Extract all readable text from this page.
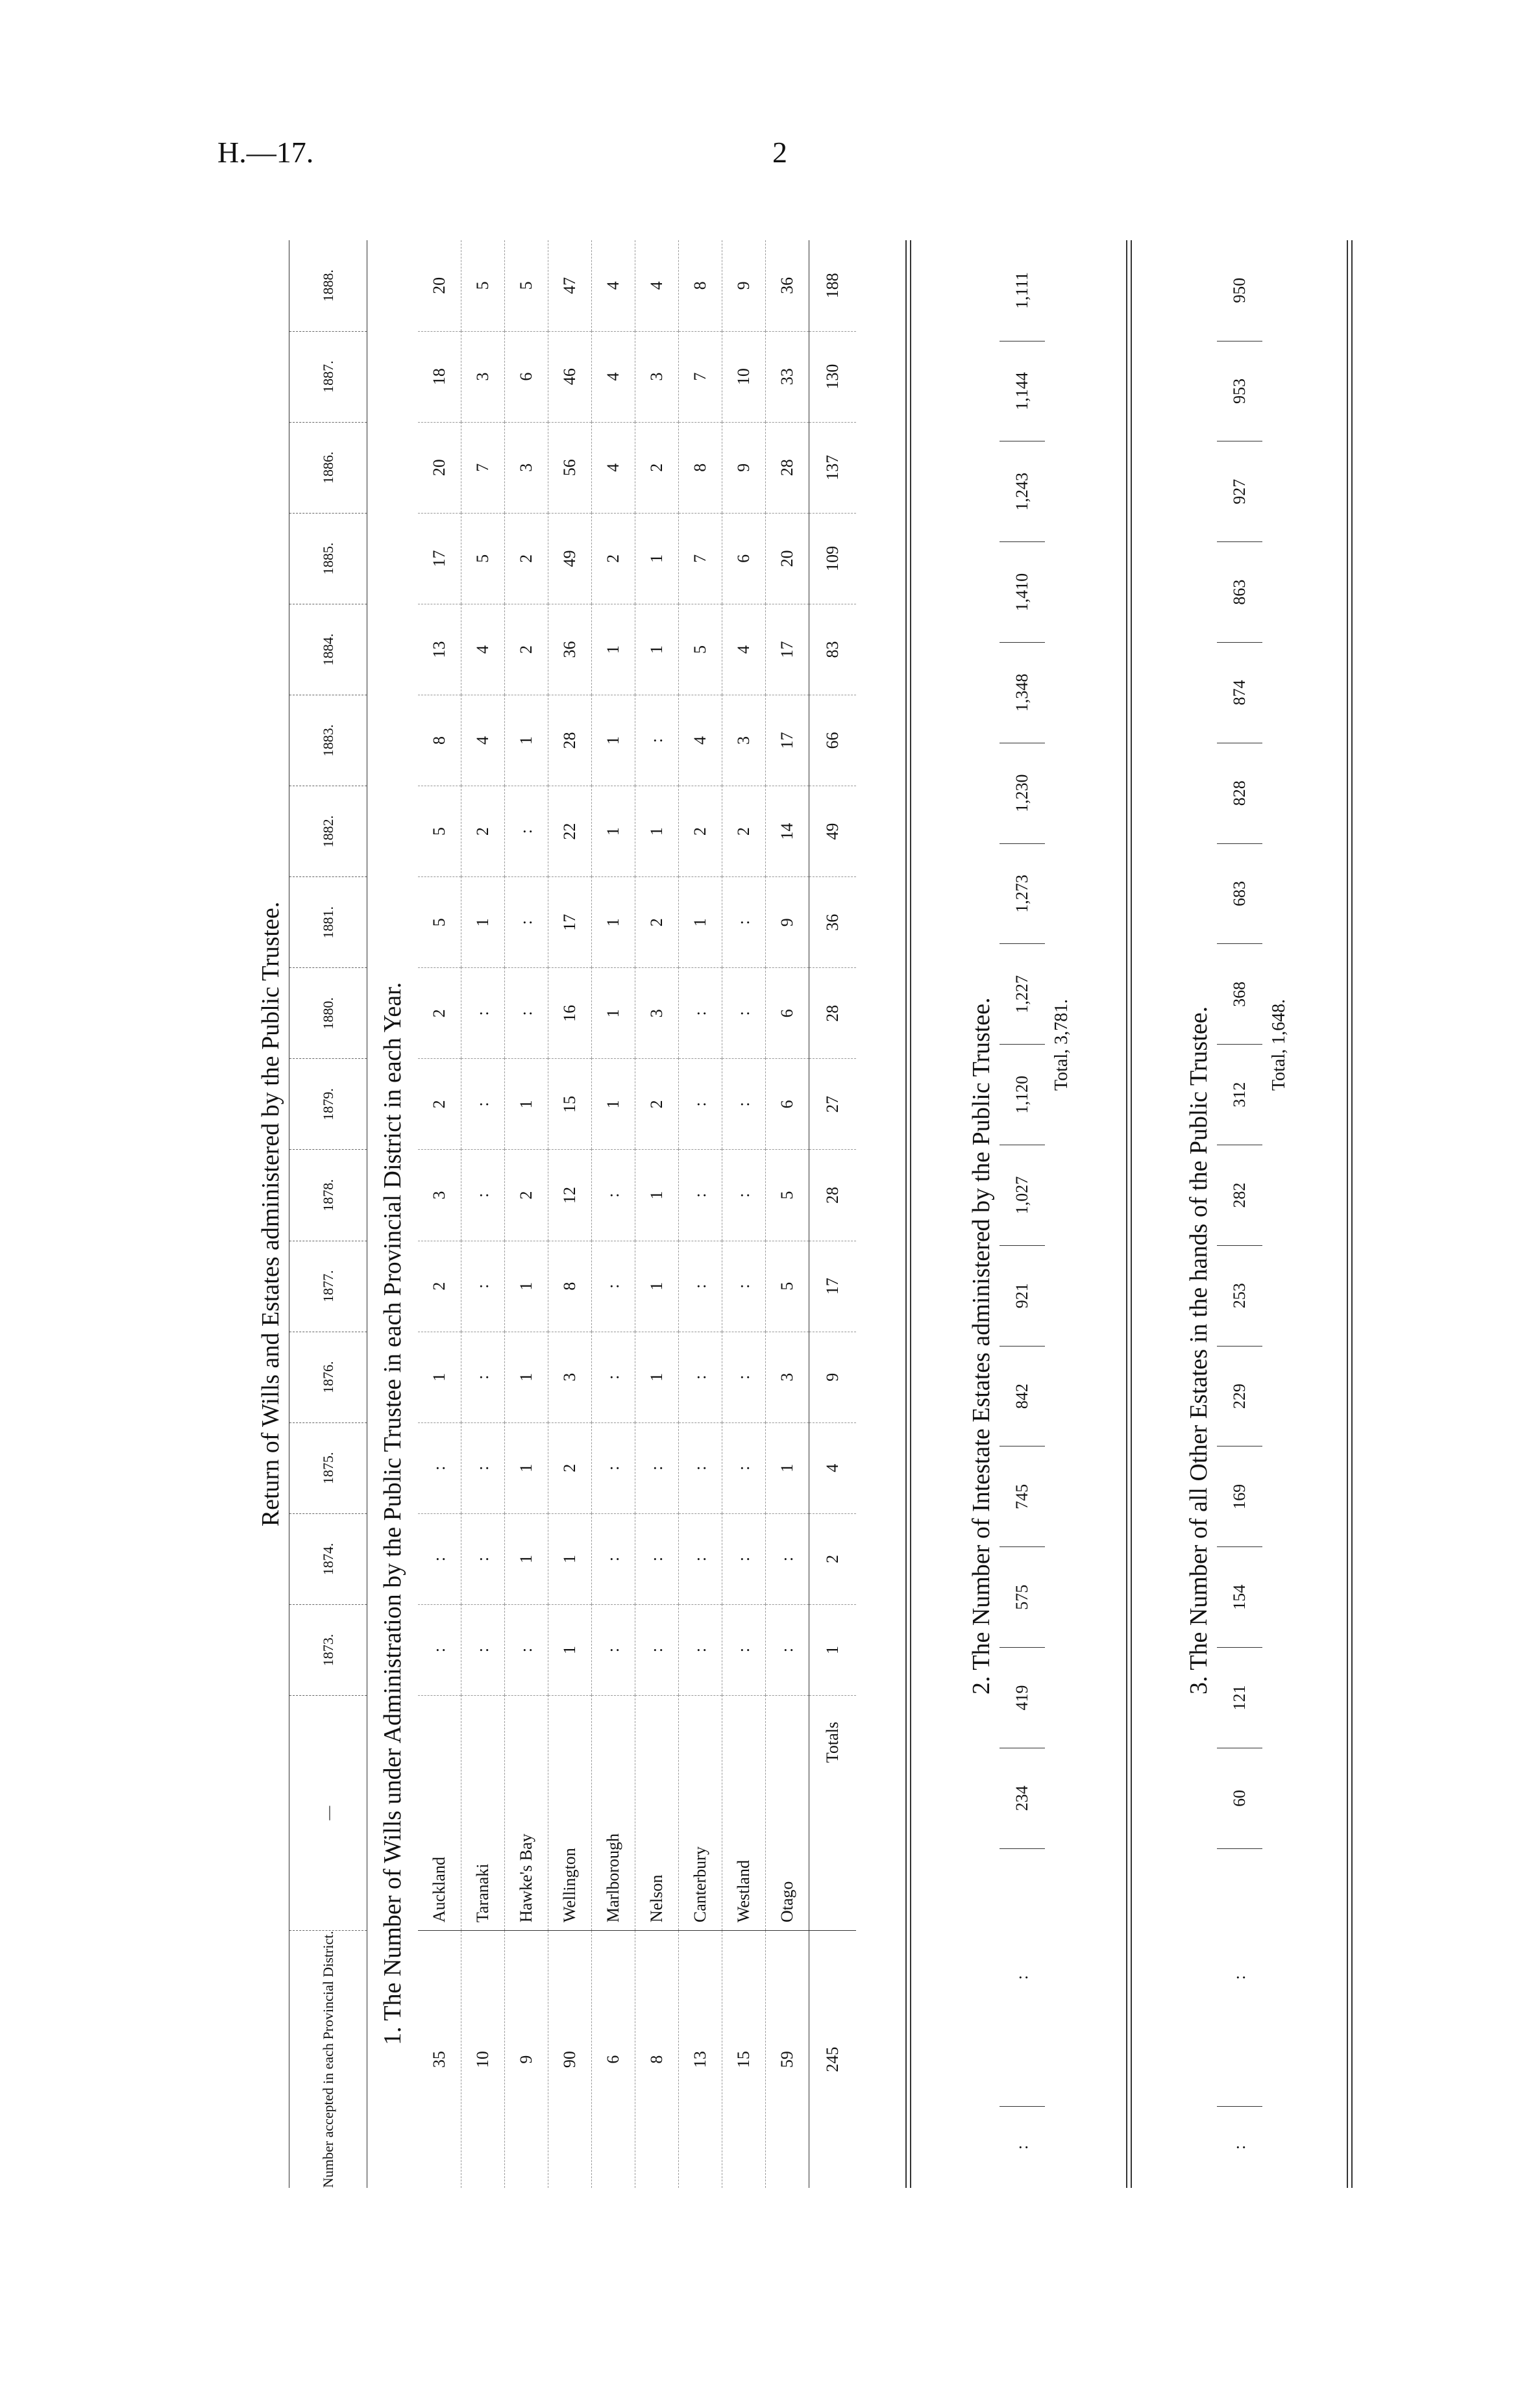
H.—17.	2
Return of Wills and Estates administered by the Public Trustee.
Number accepted in each Provincial District.	—	1873.	1874.	1875.	1876.	1877.	1878.	1879.	1880.	1881.	1882.	1883.	1884.	1885.	1886.	1887.	1888.
1. The Number of Wills under Administration by the Public Trustee in each Provincial District in each Year.																	
35	Auckland	:	:	:	1	2	3	2	2	5	5	8	13	17	20	18	20
10	Taranaki	:	:	:	:	:	:	:	:	1	2	4	4	5	7	3	5
9	Hawke's Bay	:	1	1	1	1	2	1	:	:	:	1	2	2	3	6	5
90	Wellington	1	1	2	3	8	12	15	16	17	22	28	36	49	56	46	47
6	Marlborough	:	:	:	:	:	:	1	1	1	1	1	1	2	4	4	4
8	Nelson	:	:	:	1	1	1	2	3	2	1	:	1	1	2	3	4
13	Canterbury	:	:	:	:	:	:	:	:	1	2	4	5	7	8	7	8
15	Westland	:	:	:	:	:	:	:	:	:	2	3	4	6	9	10	9
59	Otago	:	:	1	3	5	5	6	6	9	14	17	17	20	28	33	36
245	Totals	1	2	4	9	17	28	27	28	36	49	66	83	109	137	130	188
2. The Number of Intestate Estates administered by the Public Trustee.
:	:	234	419	575	745	842	921	1,027	1,120	1,227	1,273	1,230	1,348	1,410	1,243	1,144	1,111
Total, 3,781.	3. The Number of all Other Estates in the hands of the Public Trustee.
:	:	60	121	154	169	229	253	282	312	368	683	828	874	863	927	953	950
Total, 1,648.
